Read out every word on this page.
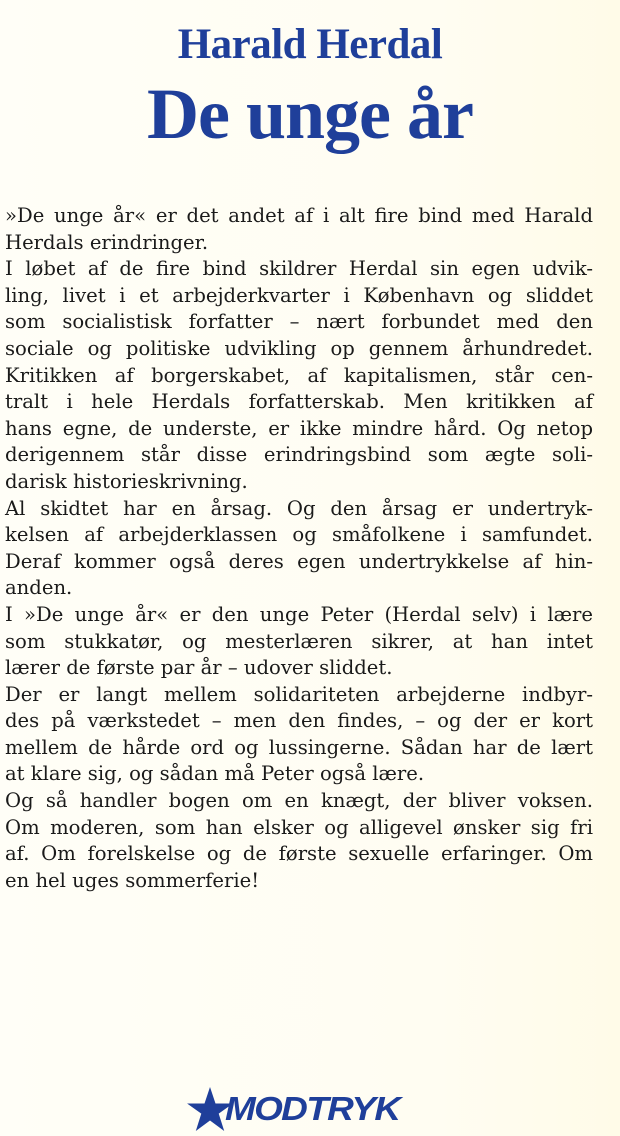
Harald Herdal
De unge år
»De unge år« er det andet af i alt fire bind med Harald
Herdals erindringer.
I løbet af de fire bind skildrer Herdal sin egen udvik-
ling, livet i et arbejderkvarter i København og sliddet
som socialistisk forfatter – nært forbundet med den
sociale og politiske udvikling op gennem århundredet.
Kritikken af borgerskabet, af kapitalismen, står cen-
tralt i hele Herdals forfatterskab. Men kritikken af
hans egne, de underste, er ikke mindre hård. Og netop
derigennem står disse erindringsbind som ægte soli-
darisk historieskrivning.
Al skidtet har en årsag. Og den årsag er undertryk-
kelsen af arbejderklassen og småfolkene i samfundet.
Deraf kommer også deres egen undertrykkelse af hin-
anden.
I »De unge år« er den unge Peter (Herdal selv) i lære
som stukkatør, og mesterlæren sikrer, at han intet
lærer de første par år – udover sliddet.
Der er langt mellem solidariteten arbejderne indbyr-
des på værkstedet – men den findes, – og der er kort
mellem de hårde ord og lussingerne. Sådan har de lært
at klare sig, og sådan må Peter også lære.
Og så handler bogen om en knægt, der bliver voksen.
Om moderen, som han elsker og alligevel ønsker sig fri
af. Om forelskelse og de første sexuelle erfaringer. Om
en hel uges sommerferie!
MODTRYK
